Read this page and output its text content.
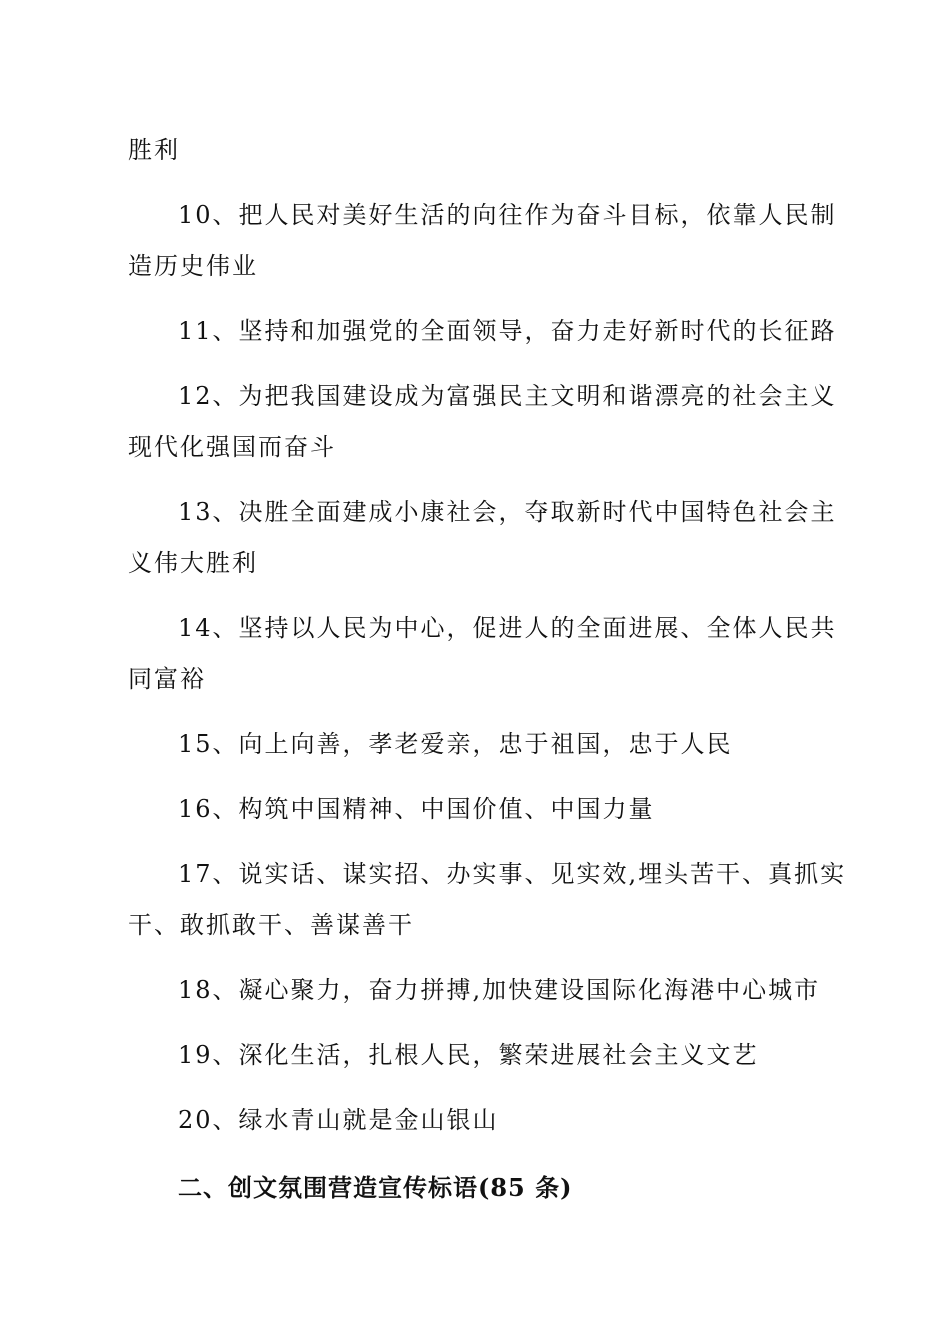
胜利
10、把人民对美好生活的向往作为奋斗目标，依靠人民制
造历史伟业
11、坚持和加强党的全面领导，奋力走好新时代的长征路
12、为把我国建设成为富强民主文明和谐漂亮的社会主义
现代化强国而奋斗
13、决胜全面建成小康社会，夺取新时代中国特色社会主
义伟大胜利
14、坚持以人民为中心，促进人的全面进展、全体人民共
同富裕
15、向上向善，孝老爱亲，忠于祖国，忠于人民
16、构筑中国精神、中国价值、中国力量
17、说实话、谋实招、办实事、见实效,埋头苦干、真抓实
干、敢抓敢干、善谋善干
18、凝心聚力，奋力拼搏,加快建设国际化海港中心城市
19、深化生活，扎根人民，繁荣进展社会主义文艺
20、绿水青山就是金山银山
二、创文氛围营造宣传标语(85 条)
